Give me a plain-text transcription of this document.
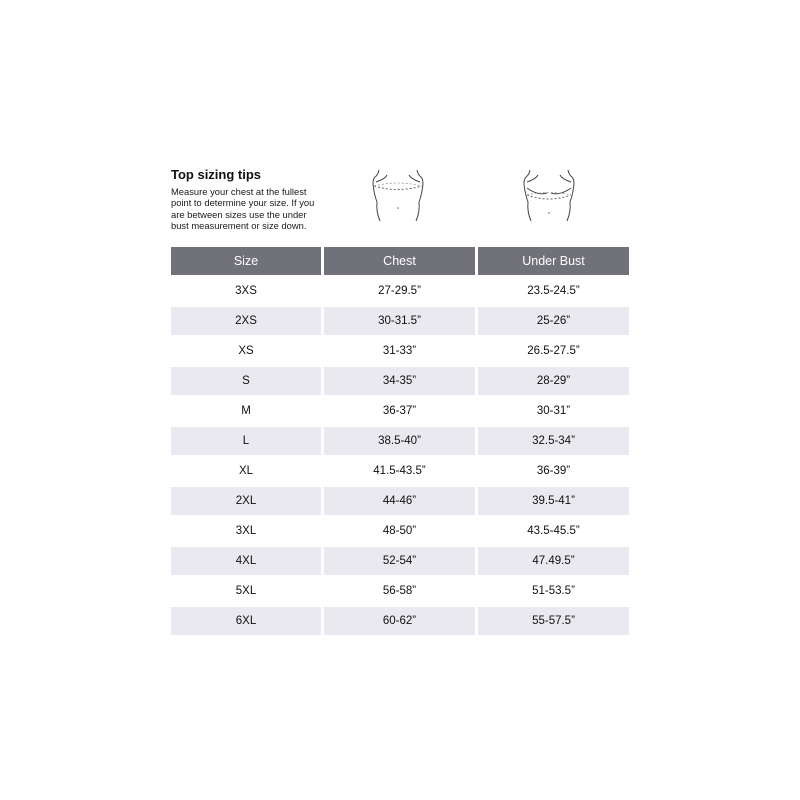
Top sizing tips

Measure your chest at the fullest point to determine your size. If you are between sizes use the under bust measurement or size down.

Size	Chest	Under Bust
3XS	27-29.5”	23.5-24.5”
2XS	30-31.5”	25-26”
XS	31-33”	26.5-27.5”
S	34-35”	28-29”
M	36-37”	30-31”
L	38.5-40”	32.5-34”
XL	41.5-43.5”	36-39”
2XL	44-46”	39.5-41”
3XL	48-50”	43.5-45.5”
4XL	52-54”	47.49.5”
5XL	56-58”	51-53.5”
6XL	60-62”	55-57.5”
